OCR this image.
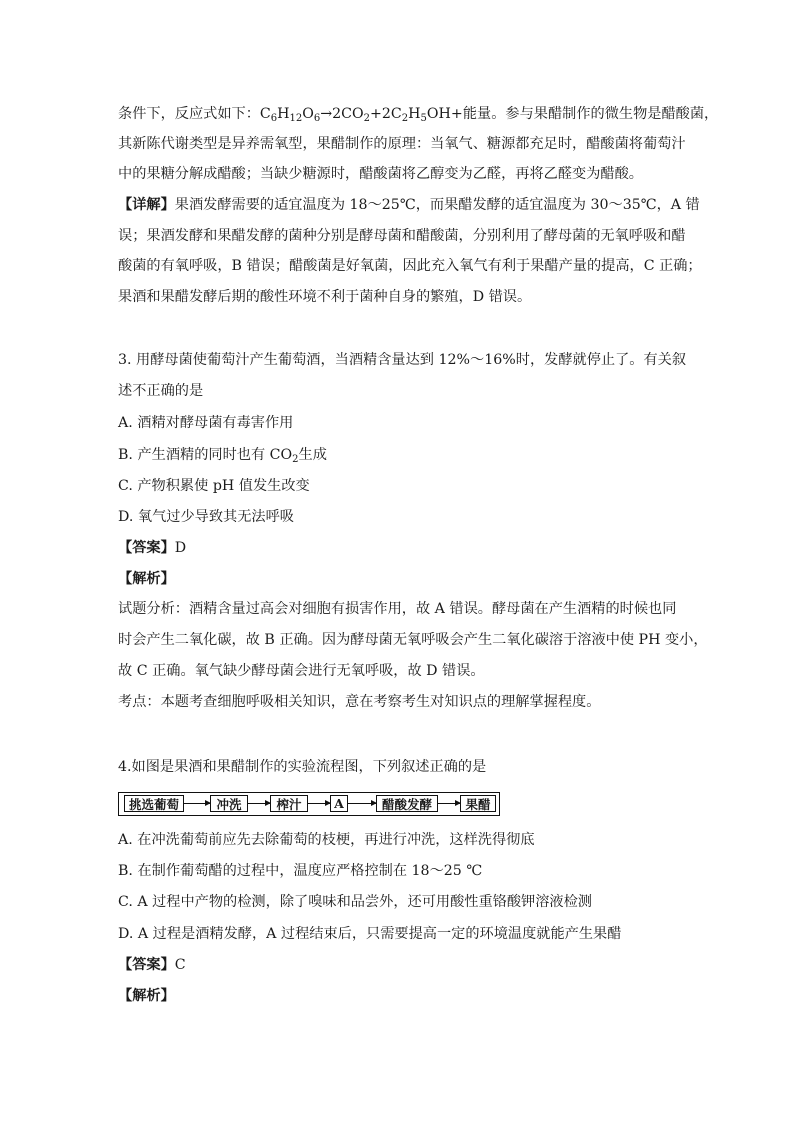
条件下，反应式如下：$C_6H_{12}O_6\to 2CO_2+2C_2H_5OH+$能量。参与果醋制作的微生物是醋酸菌，
其新陈代谢类型是异养需氧型，果醋制作的原理：当氧气、糖源都充足时，醋酸菌将葡萄汁
中的果糖分解成醋酸；当缺少糖源时，醋酸菌将乙醇变为乙醛，再将乙醛变为醋酸。
【详解】果酒发酵需要的适宜温度为 18～25℃，而果醋发酵的适宜温度为 30～35℃，A 错
误；果酒发酵和果醋发酵的菌种分别是酵母菌和醋酸菌，分别利用了酵母菌的无氧呼吸和醋
酸菌的有氧呼吸，B 错误；醋酸菌是好氧菌，因此充入氧气有利于果醋产量的提高，C 正确；
果酒和果醋发酵后期的酸性环境不利于菌种自身的繁殖，D 错误。
3. 用酵母菌使葡萄汁产生葡萄酒，当酒精含量达到 12%～16%时，发酵就停止了。有关叙
述不正确的是
A. 酒精对酵母菌有毒害作用
B. 产生酒精的同时也有 $CO_2$生成
C. 产物积累使 pH 值发生改变
D. 氧气过少导致其无法呼吸
【答案】D
【解析】
试题分析：酒精含量过高会对细胞有损害作用，故 A 错误。酵母菌在产生酒精的时候也同
时会产生二氧化碳，故 B 正确。因为酵母菌无氧呼吸会产生二氧化碳溶于溶液中使 PH 变小，
故 C 正确。氧气缺少酵母菌会进行无氧呼吸，故 D 错误。
考点：本题考查细胞呼吸相关知识，意在考察考生对知识点的理解掌握程度。
4.如图是果酒和果醋制作的实验流程图，下列叙述正确的是
挑选葡萄	冲洗	榨汁	A	醋酸发酵	果醋
A. 在冲洗葡萄前应先去除葡萄的枝梗，再进行冲洗，这样洗得彻底
B. 在制作葡萄醋的过程中，温度应严格控制在 18～25 ℃
C. A 过程中产物的检测，除了嗅味和品尝外，还可用酸性重铬酸钾溶液检测
D. A 过程是酒精发酵，A 过程结束后，只需要提高一定的环境温度就能产生果醋
【答案】C
【解析】
